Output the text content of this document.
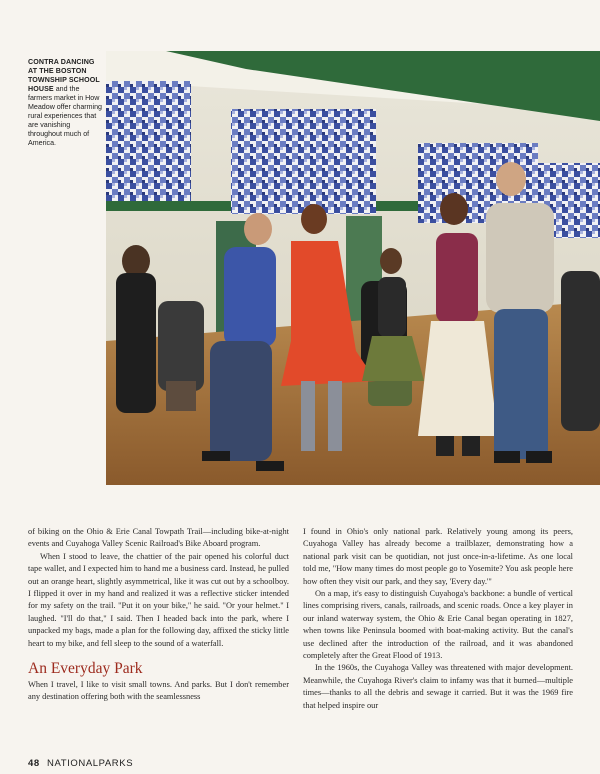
CONTRA DANCING AT THE BOSTON TOWNSHIP SCHOOL HOUSE and the farmers market in How Meadow offer charming rural experiences that are vanishing throughout much of America.

of biking on the Ohio & Erie Canal Towpath Trail—including bike-at-night events and Cuyahoga Valley Scenic Railroad's Bike Aboard program.

When I stood to leave, the chattier of the pair opened his colorful duct tape wallet, and I expected him to hand me a business card. Instead, he pulled out an orange heart, slightly asymmetrical, like it was cut out by a schoolboy. I flipped it over in my hand and realized it was a reflective sticker intended for my safety on the trail. "Put it on your bike," he said. "Or your helmet." I laughed. "I'll do that," I said. Then I headed back into the park, where I unpacked my bags, made a plan for the following day, affixed the sticky little heart to my bike, and fell sleep to the sound of a waterfall.

An Everyday Park

When I travel, I like to visit small towns. And parks. But I don't remember any destination offering both with the seamlessness

I found in Ohio's only national park. Relatively young among its peers, Cuyahoga Valley has already become a trailblazer, demonstrating how a national park visit can be quotidian, not just once-in-a-lifetime. As one local told me, "How many times do most people go to Yosemite? You ask people here how often they visit our park, and they say, 'Every day.'"

On a map, it's easy to distinguish Cuyahoga's backbone: a bundle of vertical lines comprising rivers, canals, railroads, and scenic roads. Once a key player in our inland waterway system, the Ohio & Erie Canal began operating in 1827, when towns like Peninsula boomed with boat-making activity. But the canal's use declined after the introduction of the railroad, and it was abandoned completely after the Great Flood of 1913.

In the 1960s, the Cuyahoga Valley was threatened with major development. Meanwhile, the Cuyahoga River's claim to infamy was that it burned—multiple times—thanks to all the debris and sewage it carried. But it was the 1969 fire that helped inspire our

48 NATIONALPARKS
